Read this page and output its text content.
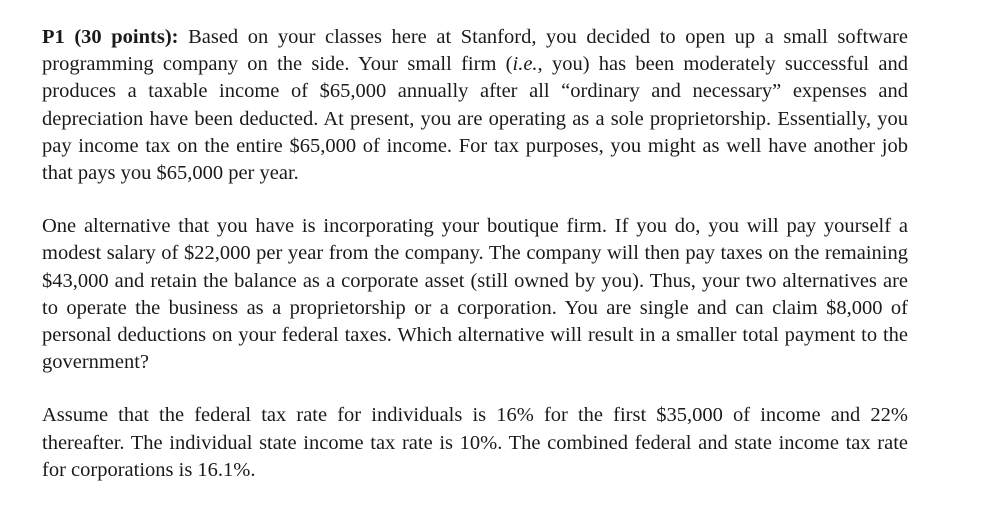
P1 (30 points): Based on your classes here at Stanford, you decided to open up a small software programming company on the side. Your small firm (i.e., you) has been moderately successful and produces a taxable income of $65,000 annually after all “ordinary and necessary” expenses and depreciation have been deducted. At present, you are operating as a sole proprietorship. Essentially, you pay income tax on the entire $65,000 of income. For tax purposes, you might as well have another job that pays you $65,000 per year.

One alternative that you have is incorporating your boutique firm. If you do, you will pay yourself a modest salary of $22,000 per year from the company. The company will then pay taxes on the remaining $43,000 and retain the balance as a corporate asset (still owned by you). Thus, your two alternatives are to operate the business as a proprietorship or a corporation. You are single and can claim $8,000 of personal deductions on your federal taxes. Which alternative will result in a smaller total payment to the government?

Assume that the federal tax rate for individuals is 16% for the first $35,000 of income and 22% thereafter. The individual state income tax rate is 10%. The combined federal and state income tax rate for corporations is 16.1%.
